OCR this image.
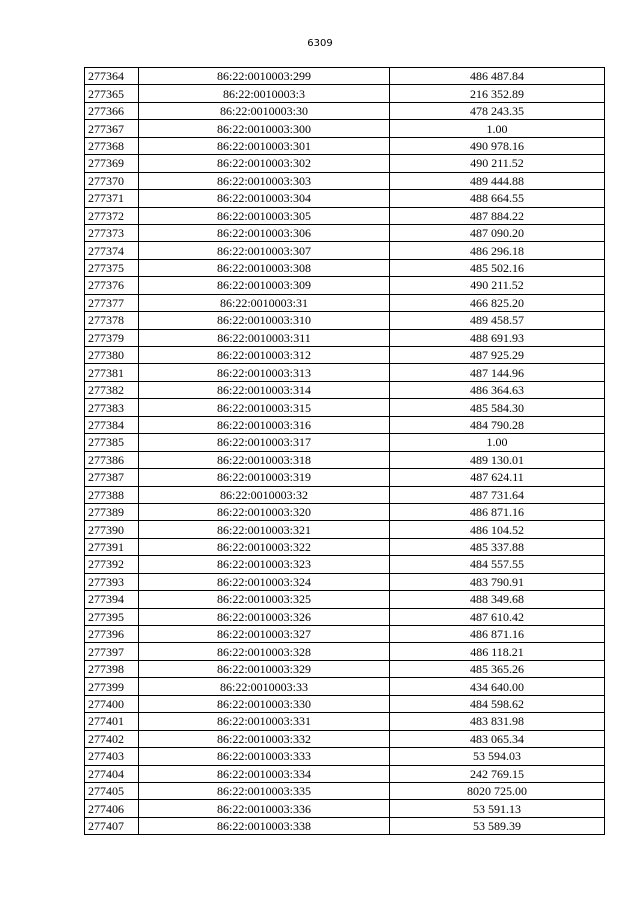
6309
277364	86:22:0010003:299	486 487.84
277365	86:22:0010003:3	216 352.89
277366	86:22:0010003:30	478 243.35
277367	86:22:0010003:300	1.00
277368	86:22:0010003:301	490 978.16
277369	86:22:0010003:302	490 211.52
277370	86:22:0010003:303	489 444.88
277371	86:22:0010003:304	488 664.55
277372	86:22:0010003:305	487 884.22
277373	86:22:0010003:306	487 090.20
277374	86:22:0010003:307	486 296.18
277375	86:22:0010003:308	485 502.16
277376	86:22:0010003:309	490 211.52
277377	86:22:0010003:31	466 825.20
277378	86:22:0010003:310	489 458.57
277379	86:22:0010003:311	488 691.93
277380	86:22:0010003:312	487 925.29
277381	86:22:0010003:313	487 144.96
277382	86:22:0010003:314	486 364.63
277383	86:22:0010003:315	485 584.30
277384	86:22:0010003:316	484 790.28
277385	86:22:0010003:317	1.00
277386	86:22:0010003:318	489 130.01
277387	86:22:0010003:319	487 624.11
277388	86:22:0010003:32	487 731.64
277389	86:22:0010003:320	486 871.16
277390	86:22:0010003:321	486 104.52
277391	86:22:0010003:322	485 337.88
277392	86:22:0010003:323	484 557.55
277393	86:22:0010003:324	483 790.91
277394	86:22:0010003:325	488 349.68
277395	86:22:0010003:326	487 610.42
277396	86:22:0010003:327	486 871.16
277397	86:22:0010003:328	486 118.21
277398	86:22:0010003:329	485 365.26
277399	86:22:0010003:33	434 640.00
277400	86:22:0010003:330	484 598.62
277401	86:22:0010003:331	483 831.98
277402	86:22:0010003:332	483 065.34
277403	86:22:0010003:333	53 594.03
277404	86:22:0010003:334	242 769.15
277405	86:22:0010003:335	8020 725.00
277406	86:22:0010003:336	53 591.13
277407	86:22:0010003:338	53 589.39
